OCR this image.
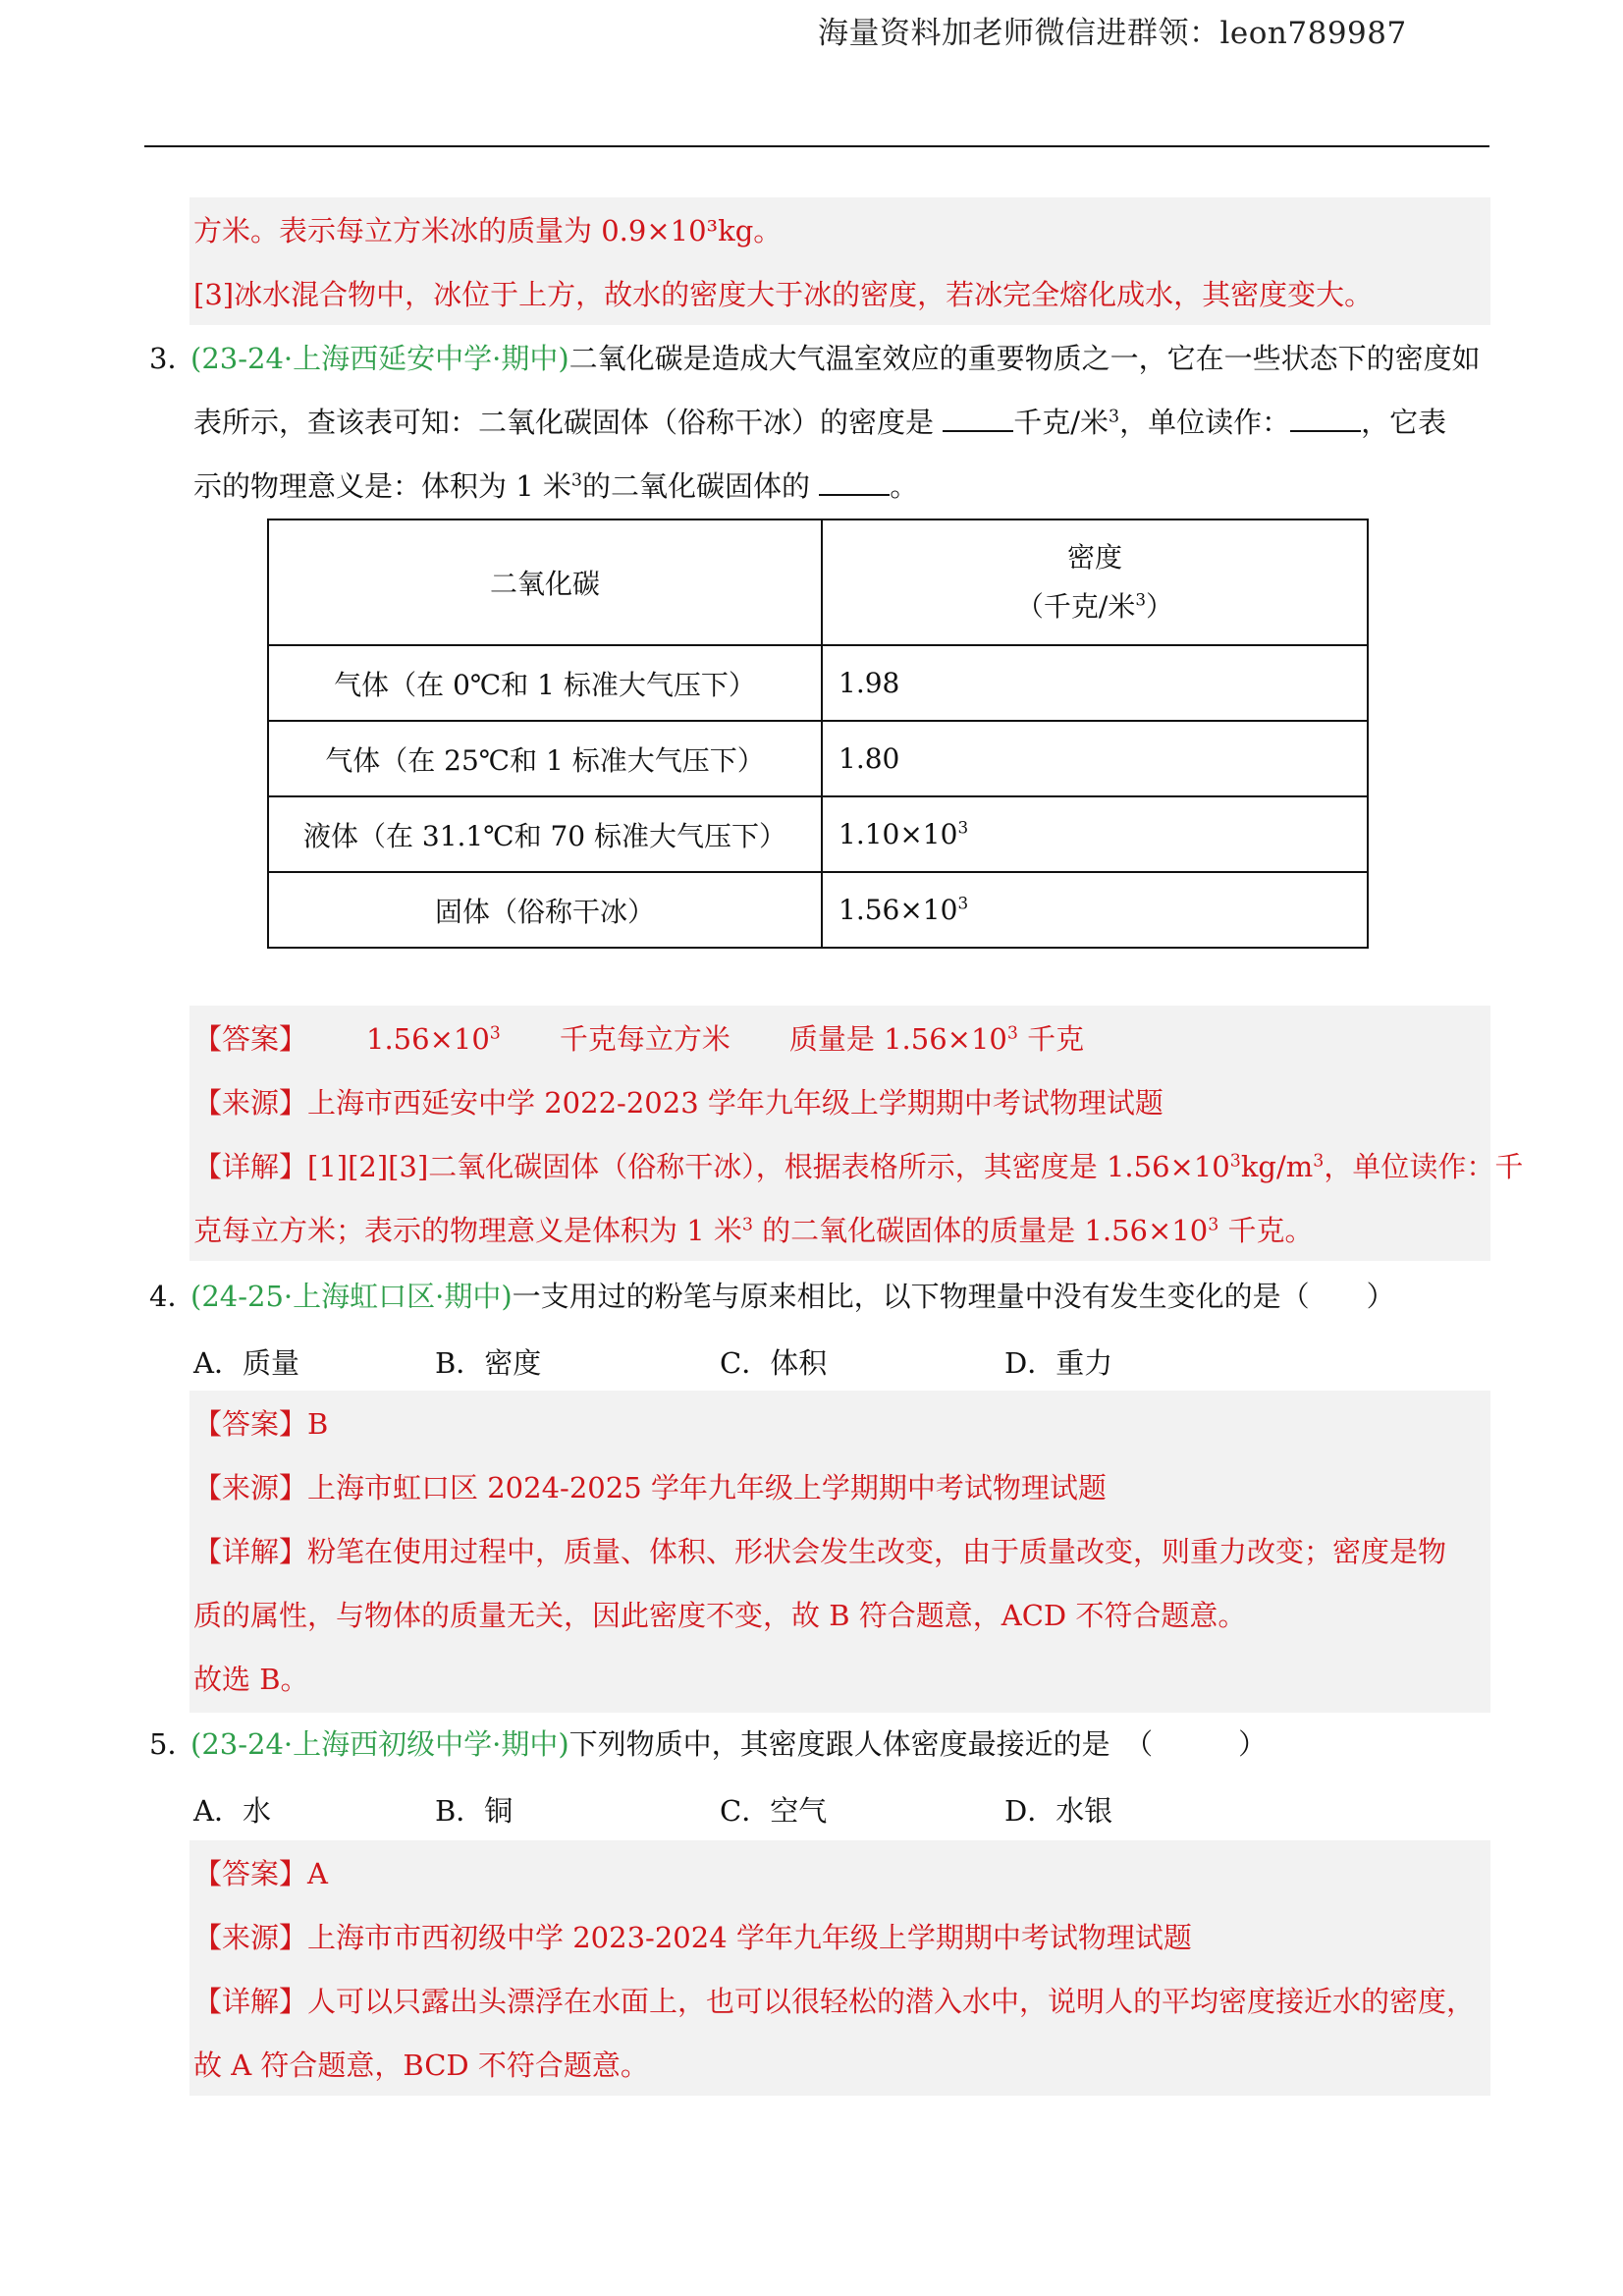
海量资料加老师微信进群领：leon789987
方米。表示每立方米冰的质量为 0.9×10³kg。
[3]冰水混合物中，冰位于上方，故水的密度大于冰的密度，若冰完全熔化成水，其密度变大。
3．(23-24·上海西延安中学·期中)二氧化碳是造成大气温室效应的重要物质之一，它在一些状态下的密度如
表所示，查该表可知：二氧化碳固体（俗称干冰）的密度是	千克/米$^3$，单位读作： ，它表
示的物理意义是：体积为 1 米$^3$的二氧化碳固体的	。
二氧化碳	密度
（千克/米$^3$）

气体（在 0℃和 1 标准大气压下）	1.98
气体（在 25℃和 1 标准大气压下）	1.80
液体（在 31.1℃和 70 标准大气压下）	$1.10\times 10^3$
固体（俗称干冰）	$1.56\times 10^3$
【答案】 $1.56\times 10^3$ 千克每立方米 质量是 $1.56\times 10^3$ 千克
【来源】上海市西延安中学 2022-2023 学年九年级上学期期中考试物理试题
【详解】[1][2][3]二氧化碳固体（俗称干冰），根据表格所示，其密度是 $1.56\times 10^3kg/m^3$，单位读作：千
克每立方米；表示的物理意义是体积为 1 米$^3$ 的二氧化碳固体的质量是 $1.56\times 10^3$ 千克。
4．(24-25·上海虹口区·期中)一支用过的粉笔与原来相比，以下物理量中没有发生变化的是（　　）
A．质量	B．密度	C．体积	D．重力
【答案】B
【来源】上海市虹口区 2024-2025 学年九年级上学期期中考试物理试题
【详解】粉笔在使用过程中，质量、体积、形状会发生改变，由于质量改变，则重力改变；密度是物
质的属性，与物体的质量无关，因此密度不变，故 B 符合题意，ACD 不符合题意。
故选 B。
5．(23-24·上海西初级中学·期中)下列物质中，其密度跟人体密度最接近的是　（　　　）
A．水	B．铜	C．空气	D．水银
【答案】A
【来源】上海市市西初级中学 2023-2024 学年九年级上学期期中考试物理试题
【详解】人可以只露出头漂浮在水面上，也可以很轻松的潜入水中，说明人的平均密度接近水的密度，
故 A 符合题意，BCD 不符合题意。
